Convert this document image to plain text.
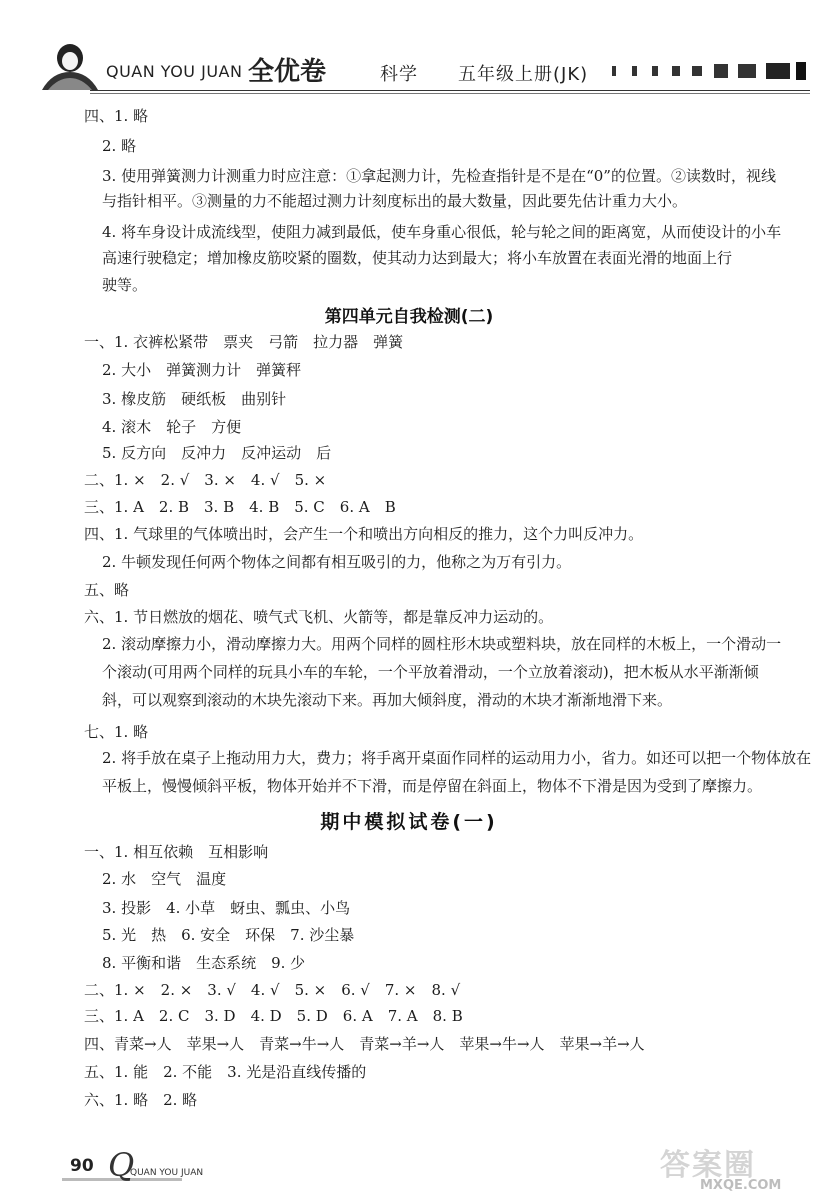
QUAN YOU JUAN 全优卷	科学 五年级上册(JK)
四、1. 略
2. 略
3. 使用弹簧测力计测重力时应注意：①拿起测力计，先检查指针是不是在“0”的位置。②读数时，视线
与指针相平。③测量的力不能超过测力计刻度标出的最大数量，因此要先估计重力大小。
4. 将车身设计成流线型，使阻力减到最低，使车身重心很低，轮与轮之间的距离宽，从而使设计的小车
高速行驶稳定；增加橡皮筋咬紧的圈数，使其动力达到最大；将小车放置在表面光滑的地面上行
驶等。
第四单元自我检测(二)
一、1. 衣裤松紧带　票夹　弓箭　拉力器　弹簧
2. 大小　弹簧测力计　弹簧秤
3. 橡皮筋　硬纸板　曲别针
4. 滚木　轮子　方便
5. 反方向　反冲力　反冲运动　后
二、1. ×　2. √　3. ×　4. √　5. ×
三、1. A　2. B　3. B　4. B　5. C　6. A　B
四、1. 气球里的气体喷出时，会产生一个和喷出方向相反的推力，这个力叫反冲力。
2. 牛顿发现任何两个物体之间都有相互吸引的力，他称之为万有引力。
五、略
六、1. 节日燃放的烟花、喷气式飞机、火箭等，都是靠反冲力运动的。
2. 滚动摩擦力小，滑动摩擦力大。用两个同样的圆柱形木块或塑料块，放在同样的木板上，一个滑动一
个滚动(可用两个同样的玩具小车的车轮，一个平放着滑动，一个立放着滚动)，把木板从水平渐渐倾
斜，可以观察到滚动的木块先滚动下来。再加大倾斜度，滑动的木块才渐渐地滑下来。
七、1. 略
2. 将手放在桌子上拖动用力大，费力；将手离开桌面作同样的运动用力小，省力。如还可以把一个物体放在
平板上，慢慢倾斜平板，物体开始并不下滑，而是停留在斜面上，物体不下滑是因为受到了摩擦力。
期中模拟试卷(一)
一、1. 相互依赖　互相影响
2. 水　空气　温度
3. 投影　4. 小草　蚜虫、瓢虫、小鸟
5. 光　热　6. 安全　环保　7. 沙尘暴
8. 平衡和谐　生态系统　9. 少
二、1. ×　2. ×　3. √　4. √　5. ×　6. √　7. ×　8. √
三、1. A　2. C　3. D　4. D　5. D　6. A　7. A　8. B
四、青菜→人　苹果→人　青菜→牛→人　青菜→羊→人　苹果→牛→人　苹果→羊→人
五、1. 能　2. 不能　3. 光是沿直线传播的
六、1. 略　2. 略
90 Q
QUAN YOU JUAN	答案圈
MXQE.COM
